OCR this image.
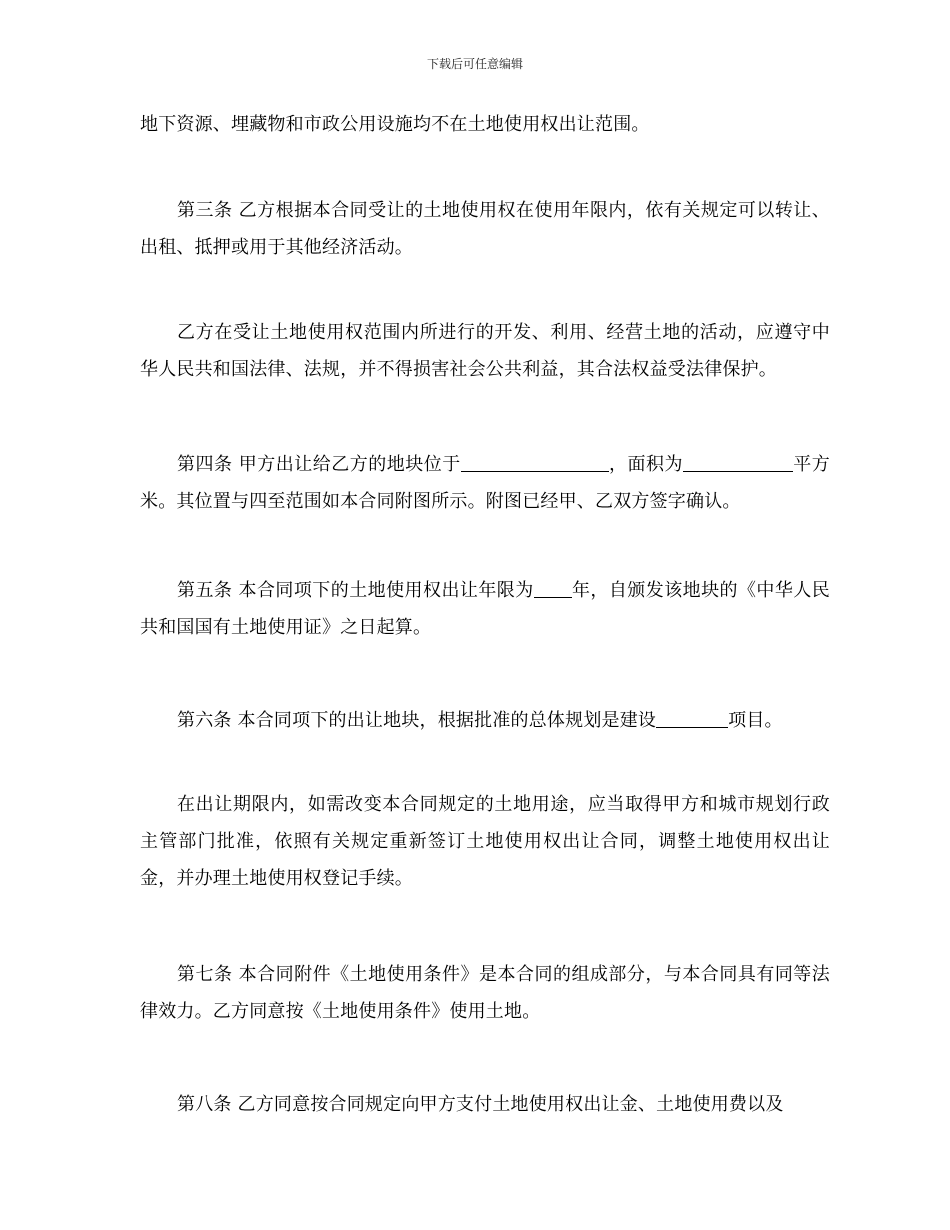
下载后可任意编辑

地下资源、埋藏物和市政公用设施均不在土地使用权出让范围。

第三条 乙方根据本合同受让的土地使用权在使用年限内，依有关规定可以转让、出租、抵押或用于其他经济活动。

乙方在受让土地使用权范围内所进行的开发、利用、经营土地的活动，应遵守中华人民共和国法律、法规，并不得损害社会公共利益，其合法权益受法律保护。

第四条 甲方出让给乙方的地块位于	，面积为	平方米。其位置与四至范围如本合同附图所示。附图已经甲、乙双方签字确认。

第五条 本合同项下的土地使用权出让年限为 年，自颁发该地块的《中华人民共和国国有土地使用证》之日起算。

第六条 本合同项下的出让地块，根据批准的总体规划是建设	项目。

在出让期限内，如需改变本合同规定的土地用途，应当取得甲方和城市规划行政主管部门批准，依照有关规定重新签订土地使用权出让合同，调整土地使用权出让金，并办理土地使用权登记手续。

第七条 本合同附件《土地使用条件》是本合同的组成部分，与本合同具有同等法律效力。乙方同意按《土地使用条件》使用土地。

第八条 乙方同意按合同规定向甲方支付土地使用权出让金、土地使用费以及
